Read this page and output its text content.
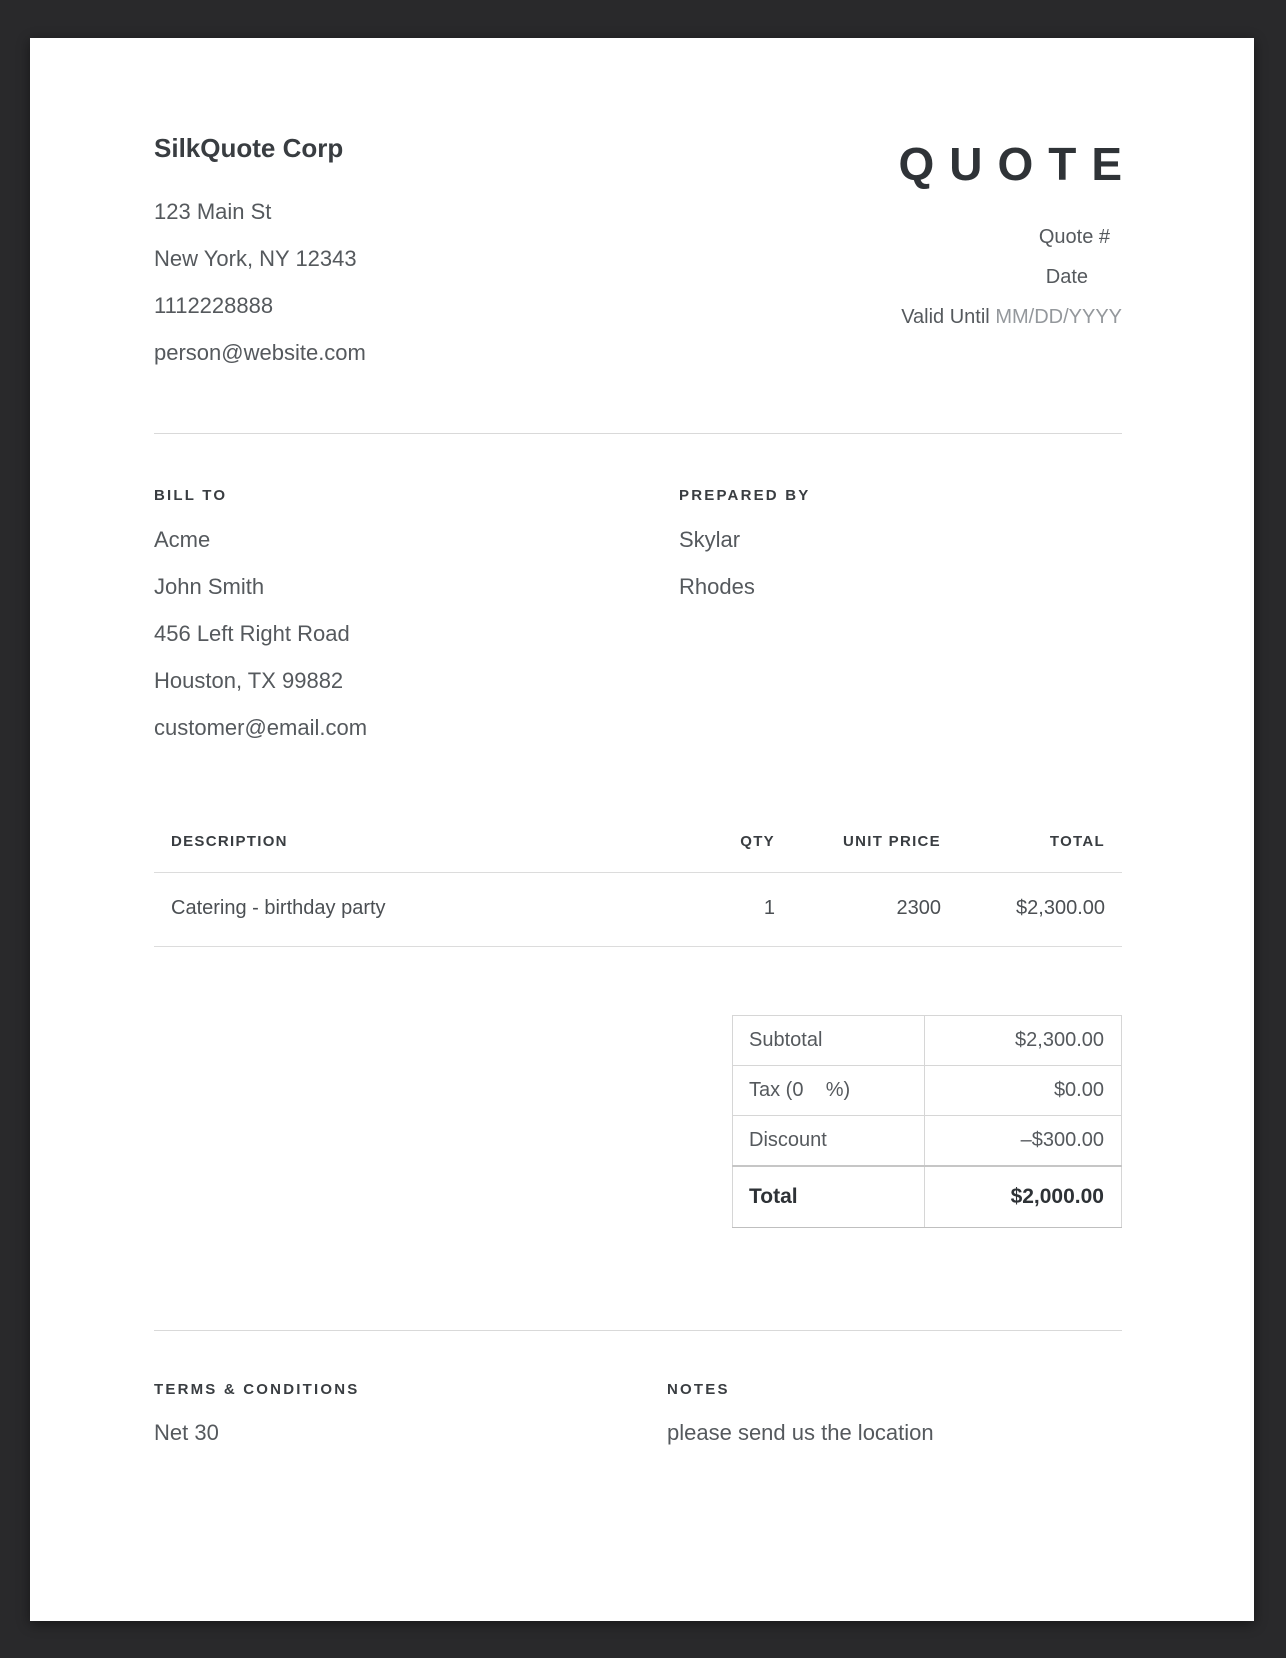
SilkQuote Corp
123 Main St
New York, NY 12343
1112228888
person@website.com
QUOTE
Quote #
Date
Valid Until MM/DD/YYYY
BILL TO
Acme
John Smith
456 Left Right Road
Houston, TX 99882
customer@email.com
PREPARED BY
Skylar
Rhodes
DESCRIPTION	QTY	UNIT PRICE	TOTAL
Catering - birthday party	1	2300	$2,300.00
Subtotal	$2,300.00
Tax (0    %)	$0.00
Discount	–$300.00
Total	$2,000.00
TERMS & CONDITIONS
Net 30
NOTES
please send us the location
